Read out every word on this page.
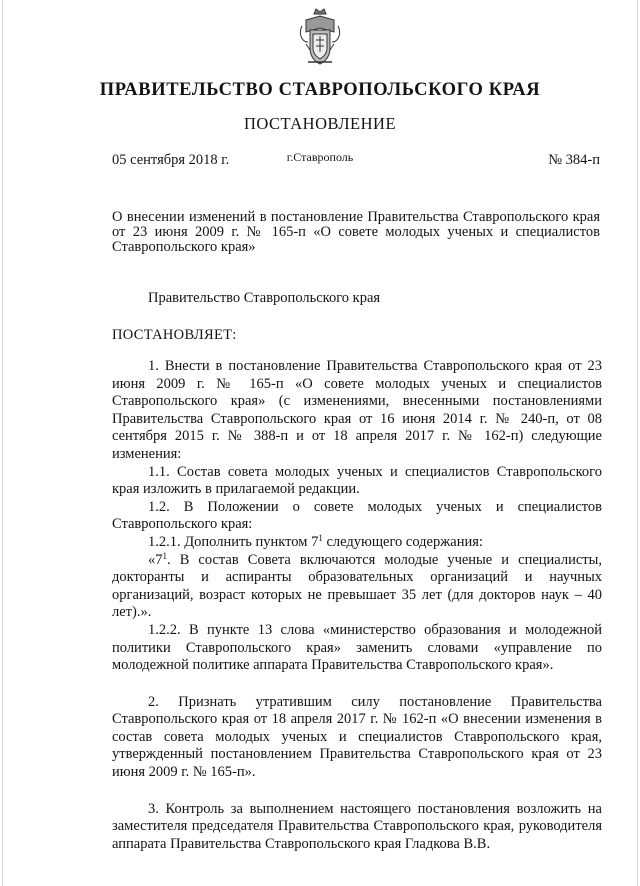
ПРАВИТЕЛЬСТВО СТАВРОПОЛЬСКОГО КРАЯ
ПОСТАНОВЛЕНИЕ
05 сентября 2018 г.	г.Ставрополь	№ 384-п
О внесении изменений в постановление Правительства Ставропольского края от 23 июня 2009 г. № 165-п «О совете молодых ученых и специалистов Ставропольского края»
Правительство Ставропольского края
ПОСТАНОВЛЯЕТ:

1. Внести в постановление Правительства Ставропольского края от 23 июня 2009 г. № 165-п «О совете молодых ученых и специалистов Ставропольского края» (с изменениями, внесенными постановлениями Правительства Ставропольского края от 16 июня 2014 г. № 240-п, от 08 сентября 2015 г. № 388-п и от 18 апреля 2017 г. № 162-п) следующие изменения:

1.1. Состав совета молодых ученых и специалистов Ставропольского края изложить в прилагаемой редакции.

1.2. В Положении о совете молодых ученых и специалистов Ставропольского края:

1.2.1. Дополнить пунктом $7^1$ следующего содержания:

«$7^1$. В состав Совета включаются молодые ученые и специалисты, докторанты и аспиранты образовательных организаций и научных организаций, возраст которых не превышает 35 лет (для докторов наук – 40 лет).».

1.2.2. В пункте 13 слова «министерство образования и молодежной политики Ставропольского края» заменить словами «управление по молодежной политике аппарата Правительства Ставропольского края».

2. Признать утратившим силу постановление Правительства Ставропольского края от 18 апреля 2017 г. № 162-п «О внесении изменения в состав совета молодых ученых и специалистов Ставропольского края, утвержденный постановлением Правительства Ставропольского края от 23 июня 2009 г. № 165-п».

3. Контроль за выполнением настоящего постановления возложить на заместителя председателя Правительства Ставропольского края, руководителя аппарата Правительства Ставропольского края Гладкова В.В.
